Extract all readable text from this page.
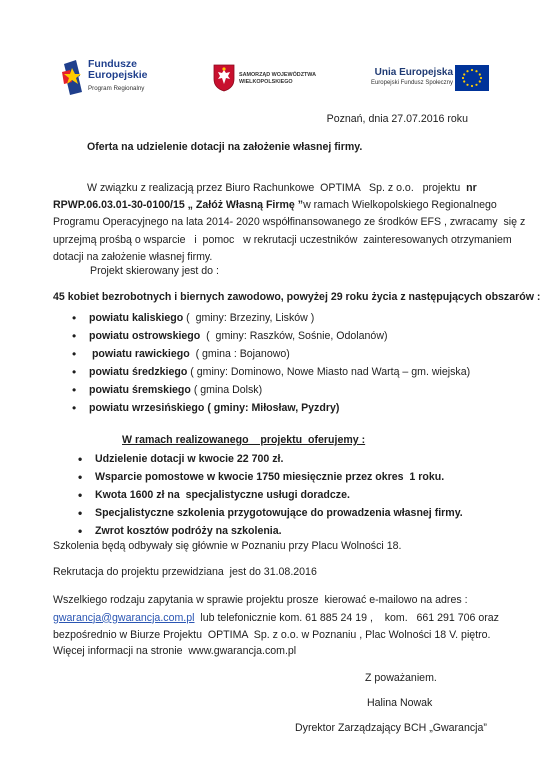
Fundusze
Europejskie
Program Regionalny
SAMORZĄD WOJEWÓDZTWA
WIELKOPOLSKIEGO
Unia Europejska
Europejski Fundusz Społeczny
Poznań, dnia 27.07.2016 roku
Oferta na udzielenie dotacji na założenie własnej firmy.
W związku z realizacją przez Biuro Rachunkowe  OPTIMA   Sp. z o.o.   projektu  nr
RPWP.06.03.01-30-0100/15 „ Załóż Własną Firmę ”w ramach Wielkopolskiego Regionalnego
Programu Operacyjnego na lata 2014- 2020 współfinansowanego ze środków EFS , zwracamy  się z
uprzejmą prośbą o wsparcie   i  pomoc   w rekrutacji uczestników  zainteresowanych otrzymaniem
dotacji na założenie własnej firmy.
Projekt skierowany jest do :
45 kobiet bezrobotnych i biernych zawodowo, powyżej 29 roku życia z następujących obszarów :
• powiatu kaliskiego (  gminy: Brzeziny, Lisków )
• powiatu ostrowskiego  (  gminy: Raszków, Sośnie, Odolanów)
•  powiatu rawickiego  ( gmina : Bojanowo)
• powiatu średzkiego ( gminy: Dominowo, Nowe Miasto nad Wartą – gm. wiejska)
• powiatu śremskiego ( gmina Dolsk)
• powiatu wrzesińskiego ( gminy: Miłosław, Pyzdry)
W ramach realizowanego    projektu  oferujemy :
• Udzielenie dotacji w kwocie 22 700 zł.
• Wsparcie pomostowe w kwocie 1750 miesięcznie przez okres  1 roku.
• Kwota 1600 zł na  specjalistyczne usługi doradcze.
• Specjalistyczne szkolenia przygotowujące do prowadzenia własnej firmy.
• Zwrot kosztów podróży na szkolenia.
Szkolenia będą odbywały się głównie w Poznaniu przy Placu Wolności 18.
Rekrutacja do projektu przewidziana  jest do 31.08.2016
Wszelkiego rodzaju zapytania w sprawie projektu prosze  kierować e-mailowo na adres :
gwarancja@gwarancja.com.pl  lub telefonicznie kom. 61 885 24 19 ,    kom.   661 291 706 oraz
bezpośrednio w Biurze Projektu  OPTIMA  Sp. z o.o. w Poznaniu , Plac Wolności 18 V. piętro.
Więcej informacji na stronie  www.gwarancja.com.pl
Z poważaniem.
Halina Nowak
Dyrektor Zarządzający BCH „Gwarancja”
